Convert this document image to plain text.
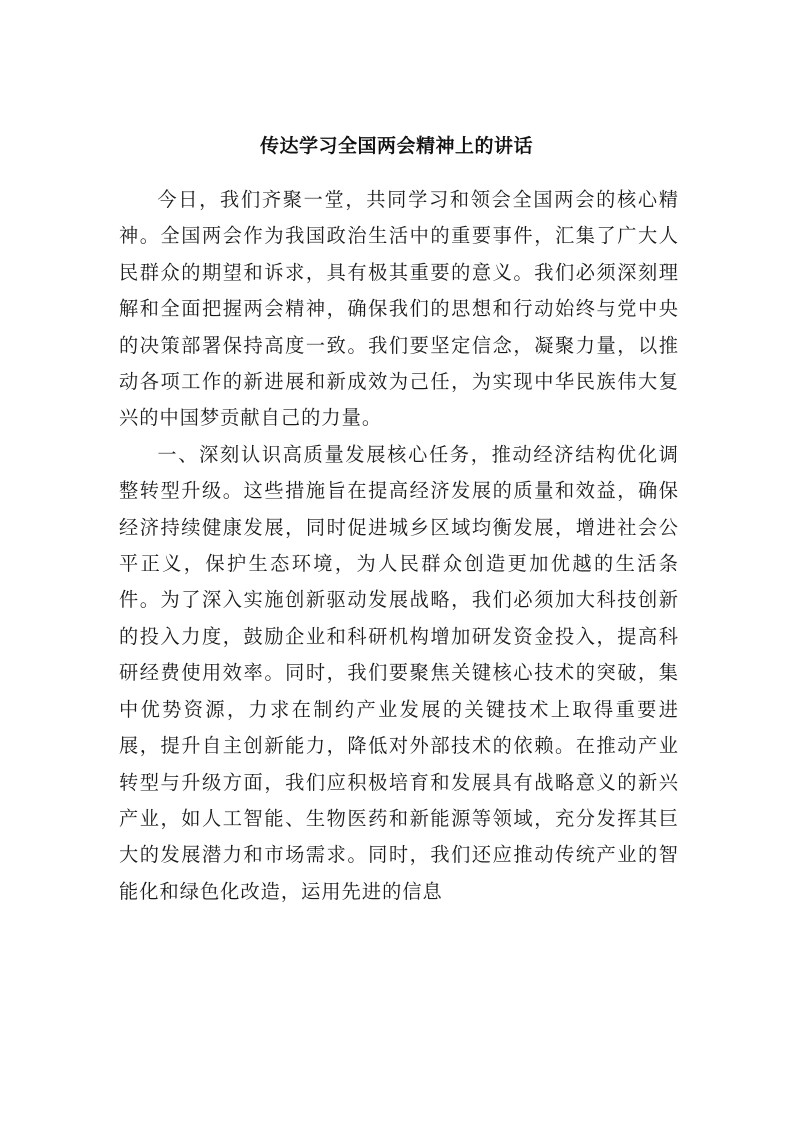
传达学习全国两会精神上的讲话

今日，我们齐聚一堂，共同学习和领会全国两会的核心精神。全国两会作为我国政治生活中的重要事件，汇集了广大人民群众的期望和诉求，具有极其重要的意义。我们必须深刻理解和全面把握两会精神，确保我们的思想和行动始终与党中央的决策部署保持高度一致。我们要坚定信念，凝聚力量，以推动各项工作的新进展和新成效为己任，为实现中华民族伟大复兴的中国梦贡献自己的力量。

一、深刻认识高质量发展核心任务，推动经济结构优化调整转型升级。这些措施旨在提高经济发展的质量和效益，确保经济持续健康发展，同时促进城乡区域均衡发展，增进社会公平正义，保护生态环境，为人民群众创造更加优越的生活条件。为了深入实施创新驱动发展战略，我们必须加大科技创新的投入力度，鼓励企业和科研机构增加研发资金投入，提高科研经费使用效率。同时，我们要聚焦关键核心技术的突破，集中优势资源，力求在制约产业发展的关键技术上取得重要进展，提升自主创新能力，降低对外部技术的依赖。在推动产业转型与升级方面，我们应积极培育和发展具有战略意义的新兴产业，如人工智能、生物医药和新能源等领域，充分发挥其巨大的发展潜力和市场需求。同时，我们还应推动传统产业的智能化和绿色化改造，运用先进的信息
